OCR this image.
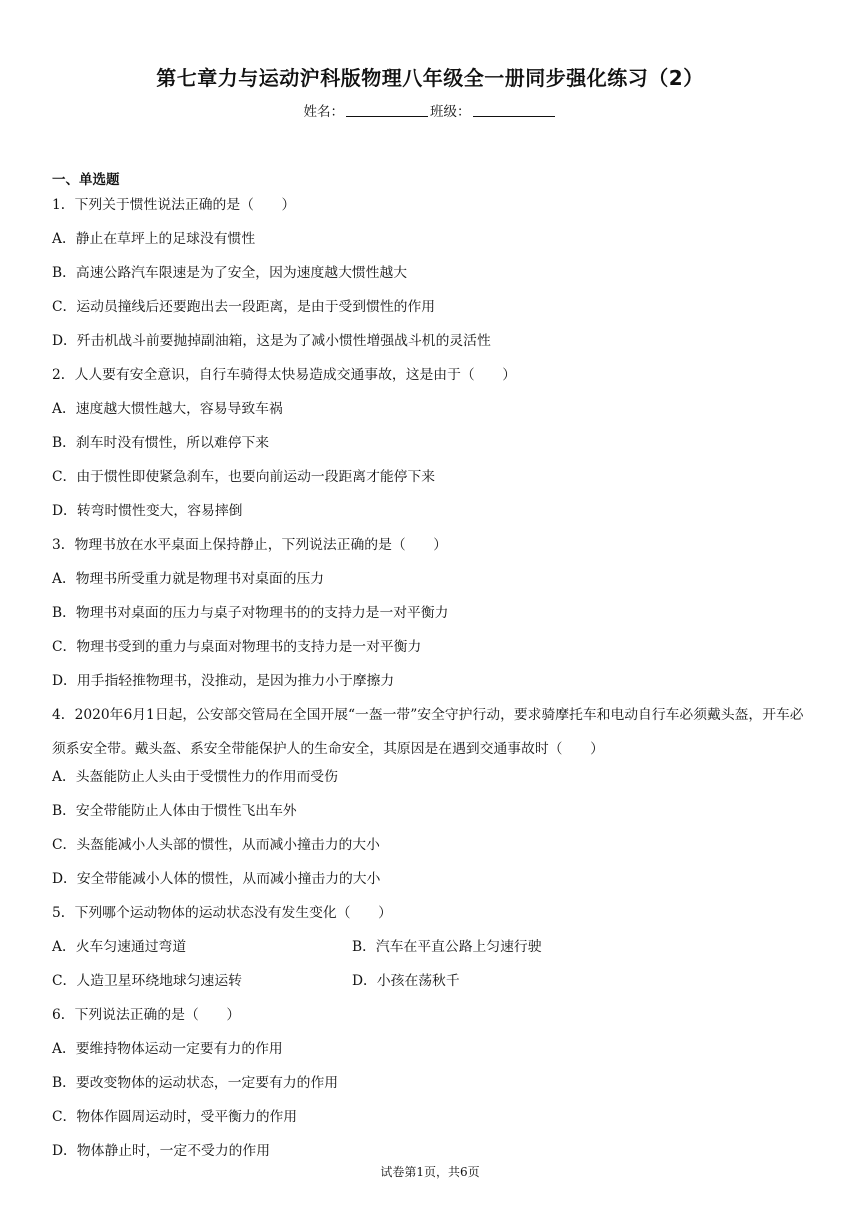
第七章力与运动沪科版物理八年级全一册同步强化练习（2）
姓名：	班级：
一、单选题
1．下列关于惯性说法正确的是（　　）
A．静止在草坪上的足球没有惯性
B．高速公路汽车限速是为了安全，因为速度越大惯性越大
C．运动员撞线后还要跑出去一段距离，是由于受到惯性的作用
D．歼击机战斗前要抛掉副油箱，这是为了减小惯性增强战斗机的灵活性
2．人人要有安全意识，自行车骑得太快易造成交通事故，这是由于（　　）
A．速度越大惯性越大，容易导致车祸
B．刹车时没有惯性，所以难停下来
C．由于惯性即使紧急刹车，也要向前运动一段距离才能停下来
D．转弯时惯性变大，容易摔倒
3．物理书放在水平桌面上保持静止，下列说法正确的是（　　）
A．物理书所受重力就是物理书对桌面的压力
B．物理书对桌面的压力与桌子对物理书的的支持力是一对平衡力
C．物理书受到的重力与桌面对物理书的支持力是一对平衡力
D．用手指轻推物理书，没推动，是因为推力小于摩擦力
4．2020年6月1日起，公安部交管局在全国开展“一盔一带”安全守护行动，要求骑摩托车和电动自行车必须戴头盔，开车必须系安全带。戴头盔、系安全带能保护人的生命安全，其原因是在遇到交通事故时（　　）
A．头盔能防止人头由于受惯性力的作用而受伤
B．安全带能防止人体由于惯性飞出车外
C．头盔能减小人头部的惯性，从而减小撞击力的大小
D．安全带能减小人体的惯性，从而减小撞击力的大小
5．下列哪个运动物体的运动状态没有发生变化（　　）
A．火车匀速通过弯道	B．汽车在平直公路上匀速行驶
C．人造卫星环绕地球匀速运转	D．小孩在荡秋千
6．下列说法正确的是（　　）
A．要维持物体运动一定要有力的作用
B．要改变物体的运动状态，一定要有力的作用
C．物体作圆周运动时，受平衡力的作用
D．物体静止时，一定不受力的作用
试卷第1页，共6页
